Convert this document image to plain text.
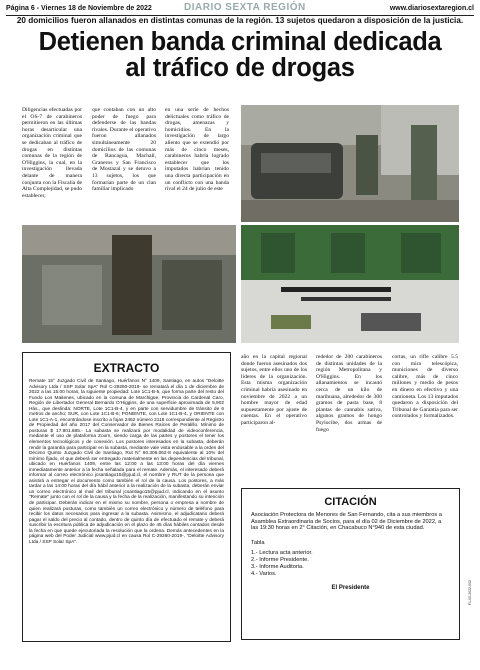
Página 6 - Viernes 18 de Noviembre de 2022	DIARIO SEXTA REGIÓN	www.diariosextaregion.cl
20 domicilios fueron allanados en distintas comunas de la región. 13 sujetos quedaron a disposición de la justicia.
Detienen banda criminal dedicada
al tráfico de drogas

Diligencias efectuadas por el OS-7 de carabineros permitieron en las últimas horas desarticular una organización criminal que se dedicaban al tráfico de drogas en distintas comunas de la región de O'Higgins, la cual, en la investigación llevada delante de manera conjunta con la Fiscalía de Alta Complejidad, se pudo establecer,

que contaban con un alto poder de fuego para defenderse de las bandas rivales. Durante el operativo fueron allanados simultáneamente 20 domicilios de las comunas de Rancagua, Machalí, Graneros y San Francisco de Mostazal y se detuvo a 13 sujetos, los que formarían parte de un clan familiar implicado

en una serie de hechos delictuales como tráfico de drogas, amenazas y homicidios. En la investigación de largo aliento que se extendió por más de cinco meses, carabineros habría logrado establecer que los imputados habrían tenido una directa participación en un conflicto con una banda rival el 24 de julio de este

EXTRACTO
Remate 15° Juzgado Civil de Santiago, Huérfanos N° 1409, Santiago, en autos "Deloitte Advisory Ltda / SSP Solar SpA" Rol C-29260-2019- se rematará el día 1 de diciembre de 2022 a las 15:00 horas, la siguiente propiedad: Lote 1C1-B-5, que forma parte del resto del Fundo Los Maitenes, ubicado en la comuna de Marchigüe, Provincia de Cardenal Caro, Región de Libertador General Bernardo O'Higgins, de una superficie aproximada de 5,902 Hás., que deslinda: NORTE, Lote 1C1-B-4, y en parte con servidumbre de tránsito de 6 metros de ancho; SUR, con Lote 1C1-B-6; PONIENTE, con Lote 1C1-B-4, y ORIENTE con Lote 1C1-A-1, encontrándose inscrito a fojas 2462 número 2118 correspondiente al Registro de Propiedad del año 2017 del Conservador de Bienes Raíces de Peralillo. Mínimo de posturas $ 17.901.685.- La subasta se realizará por modalidad de videoconferencia, mediante el uso de plataforma Zoom, siendo carga de las partes y postores el tener los elementos tecnológicos y de conexión. Los postores interesados en la subasta, deberán rendir la garantía para participar en la subasta, mediante vale vista endosable a la orden del Décimo Quinto Juzgado Civil de Santiago, Rut N° 60.306.062-8 equivalente al 10% del mínimo fijado, el que deberá ser entregado materialmente en las dependencias del tribunal, ubicado en Huérfanos 1409, entre las 12:00 a las 13:00 horas del día viernes inmediatamente anterior a la fecha señalada para el remate. Además, el interesado deberá informar al correo electrónico jcsantiago15@pjud.cl, el nombre y RUT de la persona que asistirá a entregar el documento como también el rol de la causa. Los postores, a más tardar a las 14:00 horas del día hábil anterior a la realización de la subasta, deberán enviar un correo electrónico al mail del tribunal jcsantiago15@pjud.cl, indicando en el asunto "Remate" junto con el rol de la causa y la fecha de la realización, manifestando su intención de participar. Deberán indicar en el mismo su nombre, persona o empresa a nombre de quien realizará posturas, como también un correo electrónico y número de teléfono para recibir los datos necesarios para ingresar a la subasta. Asimismo, el adjudicatario deberá pagar el saldo del precio al contado, dentro de quinto día de efectuado el remate y deberá suscribir la escritura pública de adjudicación en el plazo de 45 días hábiles contados desde la fecha en que quede ejecutoriada la resolución que la ordena. Demás antecedentes en la página web del Poder Judicial www.pjud.cl en causa Rol C-29260-2019-, "Deloitte Advisory Ltda / SSP Solar SpA".

año en la capital regional donde fueron asesinados dos sujetos, entre ellos uno de los líderes de la organización. Esta misma organización criminal habría asesinado en noviembre de 2022 a un hombre mayor de edad supuestamente por ajuste de cuentas. En el operativo participaron al-

rededor de 200 carabineros de distintas unidades de la región Metropolitana y O'Higgins. En los allanamientos se incautó cerca de un kilo de marihuana, alrededor de 300 gramos de pasta base, 8 plantas de cannabis sativa, algunos gramos de hongo Psylocibe, dos armas de fuego

cortas, un rifle calibre 5.5 con mira telescópica, municiones de diverso calibre, más de cinco millones y medio de pesos en dinero en efectivo y una camioneta. Los 13 imputados quedaron a disposición del Tribunal de Garantía para ser controlados y formalizados.

CITACIÓN
Asociación Protectora de Menores de San Fernando, cita a sus miembros a Asamblea Extraordinaria de Socios, para el día 02 de Diciembre de 2022, a las 19:30 horas en 2° Citación, en Chacabuco N°940 de esta ciudad.
Tabla
1.- Lectura acta anterior.
2.- Informe Presidente.
3.- Informe Auditoria.
4.- Varios.
El Presidente	P1-05-2022-002
